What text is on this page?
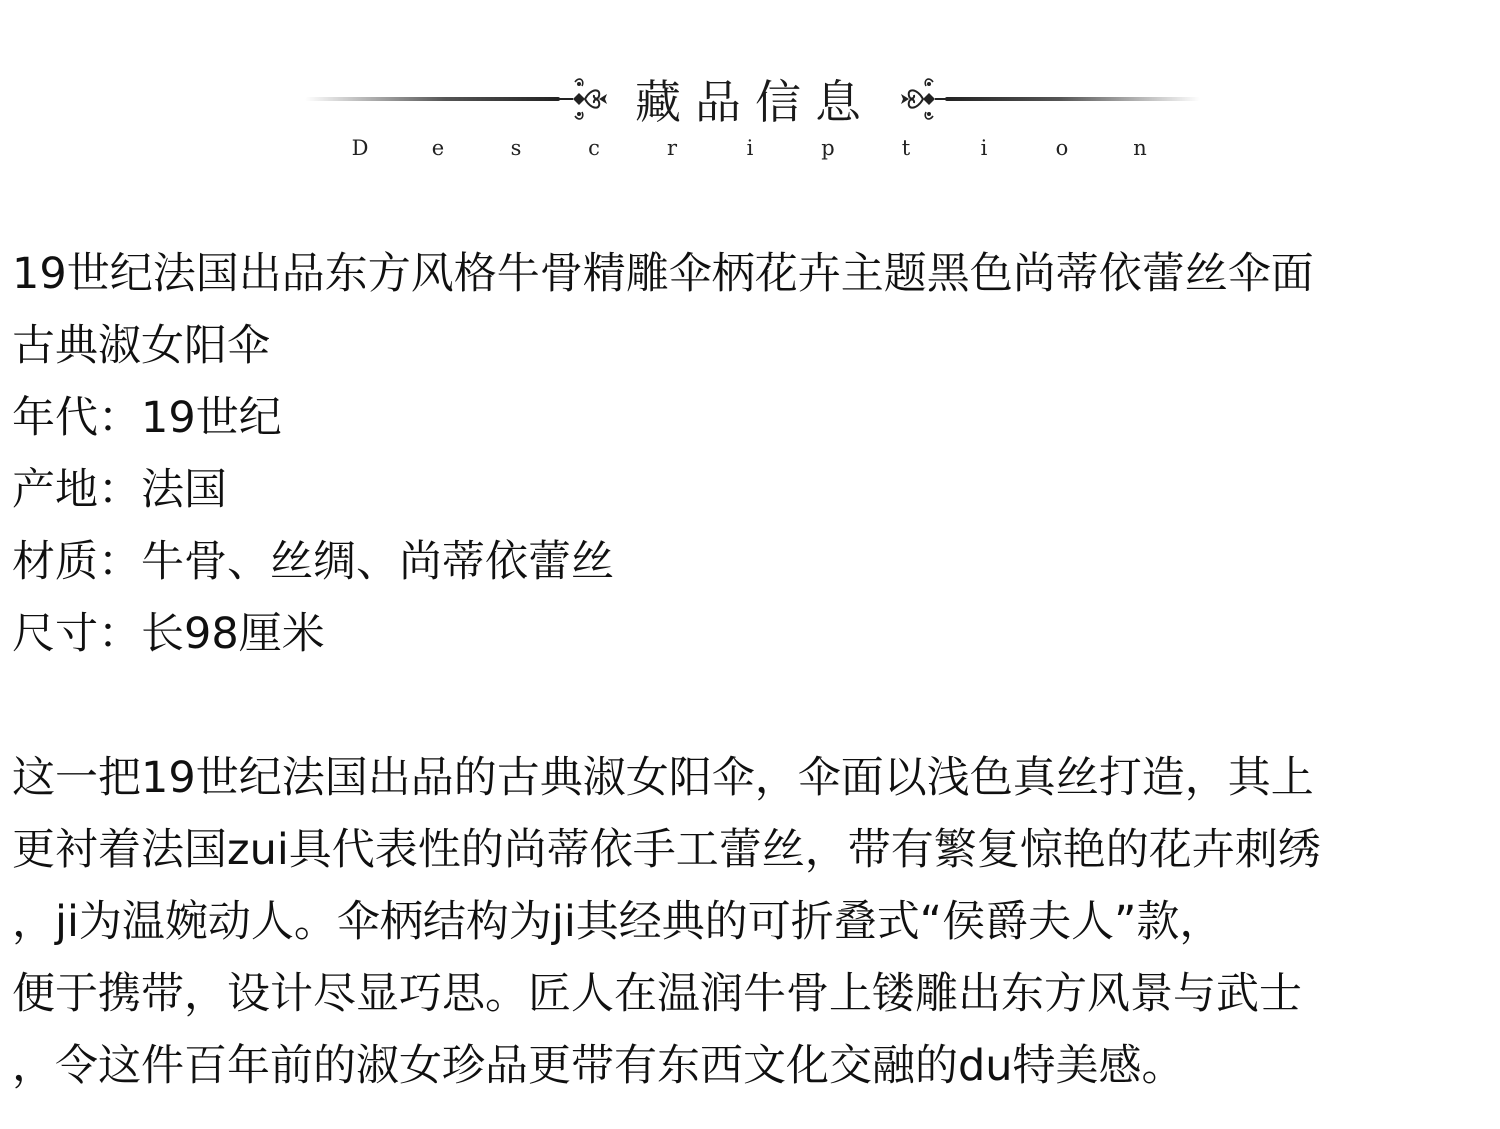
藏品信息
D	e	s	c	r	i	p	t	i	o	n

19世纪法国出品东方风格牛骨精雕伞柄花卉主题黑色尚蒂依蕾丝伞面

古典淑女阳伞

年代：19世纪

产地：法国

材质：牛骨、丝绸、尚蒂依蕾丝

尺寸：长98厘米

这一把19世纪法国出品的古典淑女阳伞，伞面以浅色真丝打造，其上

更衬着法国zui具代表性的尚蒂依手工蕾丝，带有繁复惊艳的花卉刺绣

，ji为温婉动人。伞柄结构为ji其经典的可折叠式“侯爵夫人”款，

便于携带，设计尽显巧思。匠人在温润牛骨上镂雕出东方风景与武士

，令这件百年前的淑女珍品更带有东西文化交融的du特美感。
